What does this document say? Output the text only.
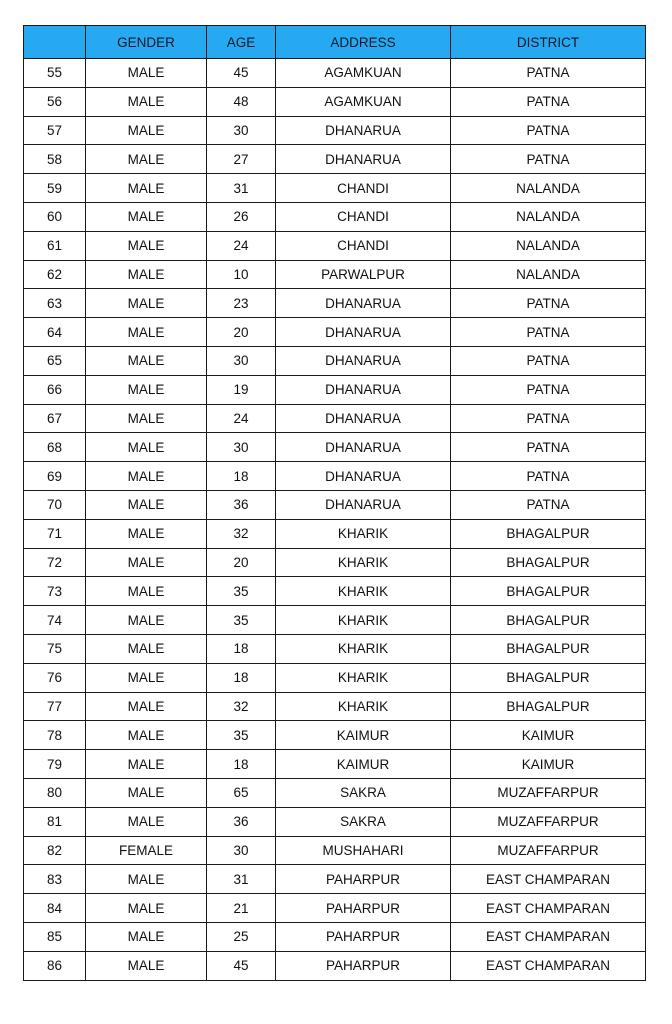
	GENDER	AGE	ADDRESS	DISTRICT
55	MALE	45	AGAMKUAN	PATNA
56	MALE	48	AGAMKUAN	PATNA
57	MALE	30	DHANARUA	PATNA
58	MALE	27	DHANARUA	PATNA
59	MALE	31	CHANDI	NALANDA
60	MALE	26	CHANDI	NALANDA
61	MALE	24	CHANDI	NALANDA
62	MALE	10	PARWALPUR	NALANDA
63	MALE	23	DHANARUA	PATNA
64	MALE	20	DHANARUA	PATNA
65	MALE	30	DHANARUA	PATNA
66	MALE	19	DHANARUA	PATNA
67	MALE	24	DHANARUA	PATNA
68	MALE	30	DHANARUA	PATNA
69	MALE	18	DHANARUA	PATNA
70	MALE	36	DHANARUA	PATNA
71	MALE	32	KHARIK	BHAGALPUR
72	MALE	20	KHARIK	BHAGALPUR
73	MALE	35	KHARIK	BHAGALPUR
74	MALE	35	KHARIK	BHAGALPUR
75	MALE	18	KHARIK	BHAGALPUR
76	MALE	18	KHARIK	BHAGALPUR
77	MALE	32	KHARIK	BHAGALPUR
78	MALE	35	KAIMUR	KAIMUR
79	MALE	18	KAIMUR	KAIMUR
80	MALE	65	SAKRA	MUZAFFARPUR
81	MALE	36	SAKRA	MUZAFFARPUR
82	FEMALE	30	MUSHAHARI	MUZAFFARPUR
83	MALE	31	PAHARPUR	EAST CHAMPARAN
84	MALE	21	PAHARPUR	EAST CHAMPARAN
85	MALE	25	PAHARPUR	EAST CHAMPARAN
86	MALE	45	PAHARPUR	EAST CHAMPARAN
